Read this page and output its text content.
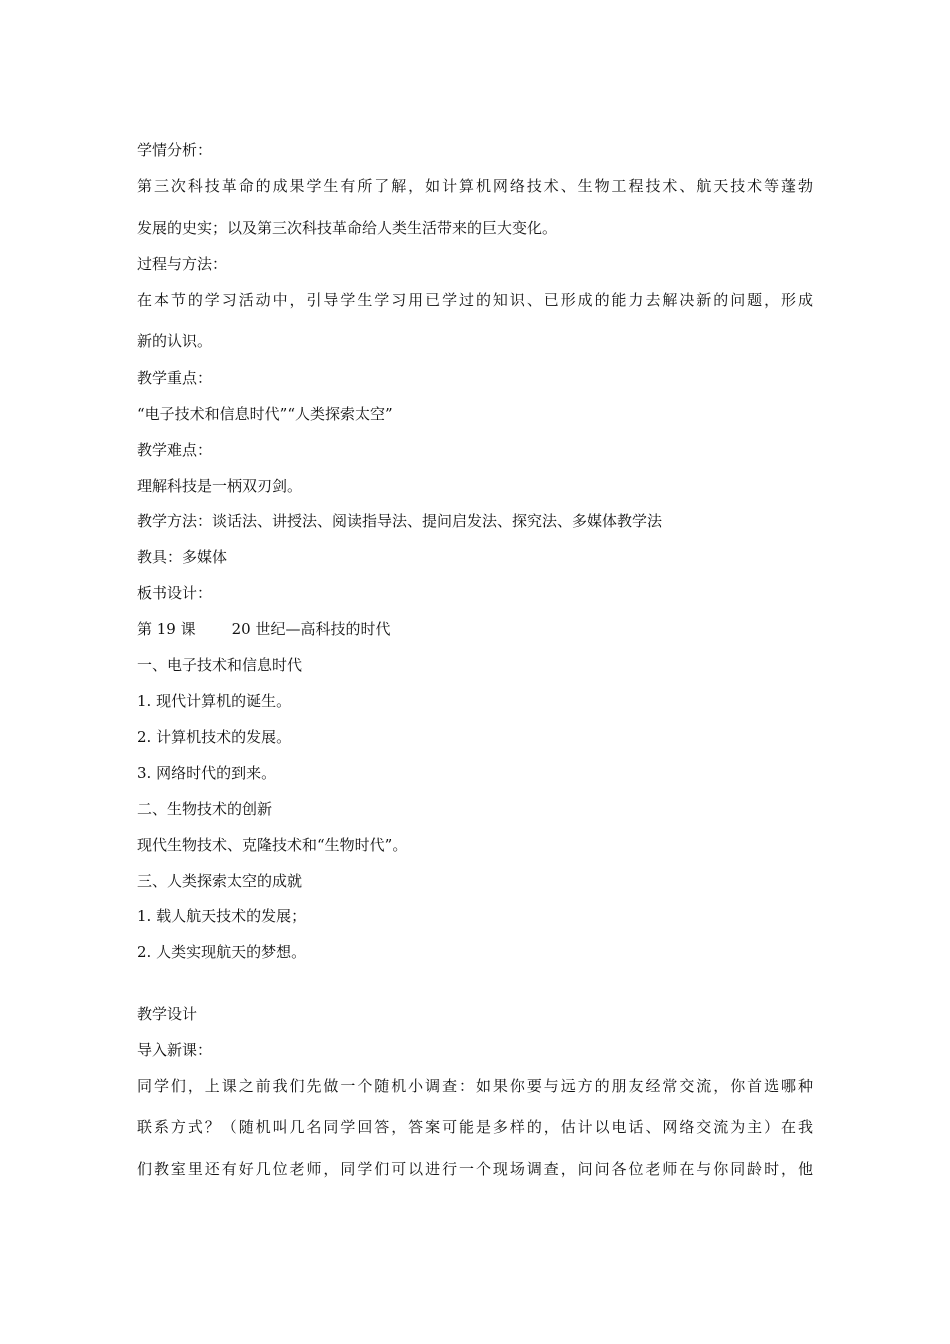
学情分析：
第三次科技革命的成果学生有所了解，如计算机网络技术、生物工程技术、航天技术等蓬勃
发展的史实；以及第三次科技革命给人类生活带来的巨大变化。
过程与方法：
在本节的学习活动中，引导学生学习用已学过的知识、已形成的能力去解决新的问题，形成
新的认识。
教学重点：
“电子技术和信息时代”“人类探索太空”
教学难点：
理解科技是一柄双刃剑。
教学方法：谈话法、讲授法、阅读指导法、提问启发法、探究法、多媒体教学法
教具：多媒体
板书设计：
第 19 课 20 世纪—高科技的时代
一、电子技术和信息时代
1. 现代计算机的诞生。
2. 计算机技术的发展。
3. 网络时代的到来。
二、生物技术的创新
现代生物技术、克隆技术和“生物时代”。
三、人类探索太空的成就
1. 载人航天技术的发展；
2. 人类实现航天的梦想。
教学设计
导入新课：
同学们，上课之前我们先做一个随机小调查：如果你要与远方的朋友经常交流，你首选哪种
联系方式？（随机叫几名同学回答，答案可能是多样的，估计以电话、网络交流为主）在我
们教室里还有好几位老师，同学们可以进行一个现场调查，问问各位老师在与你同龄时，他
